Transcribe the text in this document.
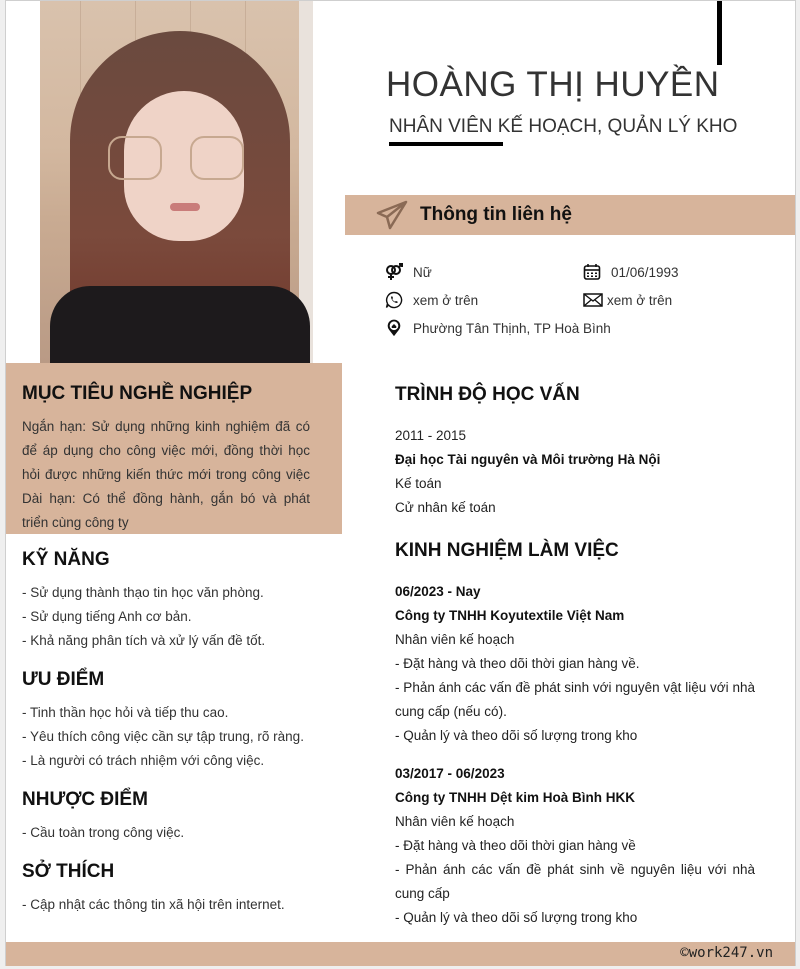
HOÀNG THỊ HUYỀN
NHÂN VIÊN KẾ HOẠCH, QUẢN LÝ KHO
Thông tin liên hệ
Nữ	01/06/1993
xem ở trên	xem ở trên
Phường Tân Thịnh, TP Hoà Bình
MỤC TIÊU NGHỀ NGHIỆP
Ngắn hạn: Sử dụng những kinh nghiệm đã có để áp dụng cho công việc mới, đồng thời học hỏi được những kiến thức mới trong công việc Dài hạn: Có thể đồng hành, gắn bó và phát triển cùng công ty
KỸ NĂNG
- Sử dụng thành thạo tin học văn phòng.
- Sử dụng tiếng Anh cơ bản.
- Khả năng phân tích và xử lý vấn đề tốt.
ƯU ĐIỂM
- Tinh thần học hỏi và tiếp thu cao.
- Yêu thích công việc cần sự tập trung, rõ ràng.
- Là người có trách nhiệm với công việc.
NHƯỢC ĐIỂM
- Cầu toàn trong công việc.
SỞ THÍCH
- Cập nhật các thông tin xã hội trên internet.
TRÌNH ĐỘ HỌC VẤN
2011 - 2015
Đại học Tài nguyên và Môi trường Hà Nội
Kế toán
Cử nhân kế toán
KINH NGHIỆM LÀM VIỆC
06/2023 - Nay
Công ty TNHH Koyutextile Việt Nam
Nhân viên kế hoạch
- Đặt hàng và theo dõi thời gian hàng về.
- Phản ánh các vấn đề phát sinh với nguyên vật liệu với nhà cung cấp (nếu có).
- Quản lý và theo dõi số lượng trong kho
03/2017 - 06/2023
Công ty TNHH Dệt kim Hoà Bình HKK
Nhân viên kế hoạch
- Đặt hàng và theo dõi thời gian hàng về
- Phản ánh các vấn đề phát sinh về nguyên liệu với nhà cung cấp
- Quản lý và theo dõi số lượng trong kho
©work247.vn
